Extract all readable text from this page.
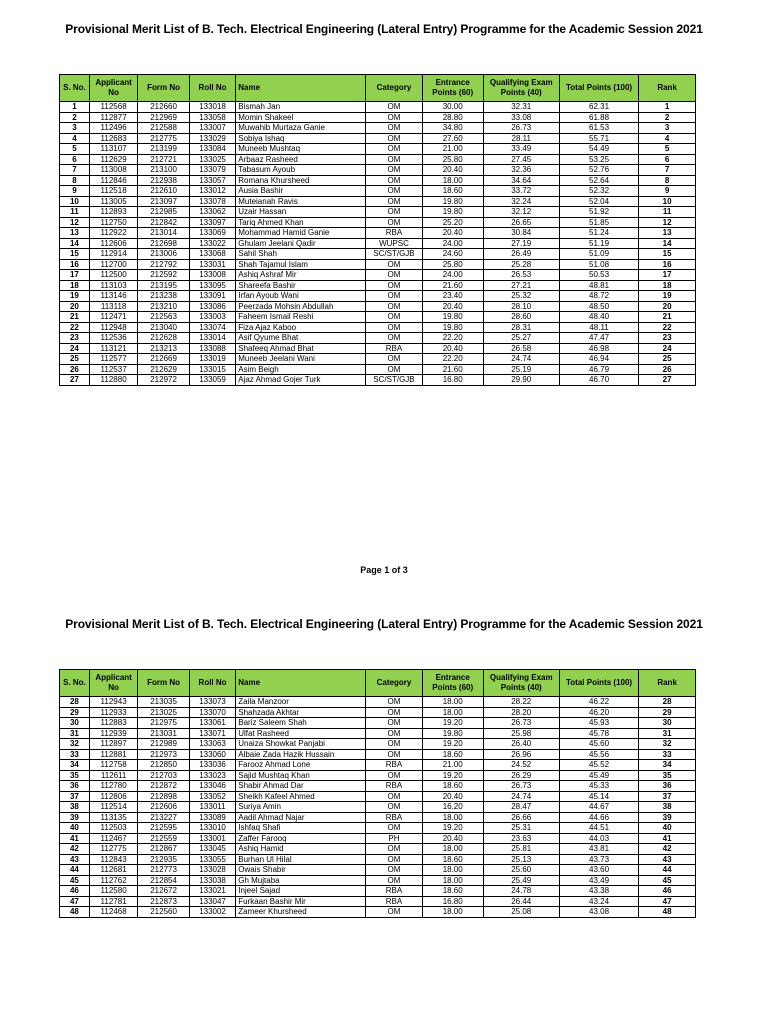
Provisional Merit List of B. Tech. Electrical Engineering (Lateral Entry) Programme for the Academic Session 2021
S. No.	Applicant No	Form No	Roll No	Name	Category	Entrance Points (60)	Qualifying Exam Points (40)	Total Points (100)	Rank
1	112568	212660	133018	Bismah Jan	OM	30.00	32.31	62.31	1
2	112877	212969	133058	Momin Shakeel	OM	28.80	33.08	61.88	2
3	112496	212588	133007	Muwahib Murtaza Ganie	OM	34.80	26.73	61.53	3
4	112683	212775	133029	Sobiya Ishaq	OM	27.60	28.11	55.71	4
5	113107	213199	133084	Muneeb Mushtaq	OM	21.00	33.49	54.49	5
6	112629	212721	133025	Arbaaz Rasheed	OM	25.80	27.45	53.25	6
7	113008	213100	133079	Tabasum Ayoub	OM	20.40	32.36	52.76	7
8	112846	212938	133057	Romana Khursheed	OM	18.00	34.64	52.64	8
9	112518	212610	133012	Ausia Bashir	OM	18.60	33.72	52.32	9
10	113005	213097	133078	Muteianah Ravis	OM	19.80	32.24	52.04	10
11	112893	212985	133062	Uzair Hassan	OM	19.80	32.12	51.92	11
12	112750	212842	133097	Tariq Ahmed Khan	OM	25.20	26.65	51.85	12
13	112922	213014	133069	Mohammad Hamid Ganie	RBA	20.40	30.84	51.24	13
14	112606	212698	133022	Ghulam Jeelani Qadir	WUPSC	24.00	27.19	51.19	14
15	112914	213006	133068	Sahil Shah	SC/ST/GJB	24.60	26.49	51.09	15
16	112700	212792	133031	Shah Tajamul Islam	OM	25.80	25.28	51.08	16
17	112500	212592	133008	Ashiq Ashraf Mir	OM	24.00	26.53	50.53	17
18	113103	213195	133095	Shareefa Bashir	OM	21.60	27.21	48.81	18
19	113146	213238	133091	Irfan Ayoub Wani	OM	23.40	25.32	48.72	19
20	113118	213210	133086	Peerzada Mohsin Abdullah	OM	20.40	28.10	48.50	20
21	112471	212563	133003	Faheem Ismail Reshi	OM	19.80	28.60	48.40	21
22	112948	213040	133074	Fiza Ajaz Kaboo	OM	19.80	28.31	48.11	22
23	112536	212628	133014	Asif Qyume Bhat	OM	22.20	25.27	47.47	23
24	113121	213213	133088	Shafeeq Ahmad Bhat	RBA	20.40	26.58	46.98	24
25	112577	212669	133019	Muneeb Jeelani Wani	OM	22.20	24.74	46.94	25
26	112537	212629	133015	Asim Beigh	OM	21.60	25.19	46.79	26
27	112880	212972	133059	Ajaz Ahmad Gojer Turk	SC/ST/GJB	16.80	29.90	46.70	27
Page 1 of 3
Provisional Merit List of B. Tech. Electrical Engineering (Lateral Entry) Programme for the Academic Session 2021
S. No.	Applicant No	Form No	Roll No	Name	Category	Entrance Points (60)	Qualifying Exam Points (40)	Total Points (100)	Rank
28	112943	213035	133073	Zaila Manzoor	OM	18.00	28.22	46.22	28
29	112933	213025	133070	Shahzada Akhtar	OM	18.00	28.20	46.20	29
30	112883	212975	133061	Bariz Saleem Shah	OM	19.20	26.73	45.93	30
31	112939	213031	133071	Ulfat Rasheed	OM	19.80	25.98	45.78	31
32	112897	212989	133063	Unaiza Showkat Panjabi	OM	19.20	26.40	45.60	32
33	112881	212973	133060	Albaie Zada Hazik Hussain	OM	18.60	26.96	45.56	33
34	112758	212850	133036	Farooz Ahmad Lone	RBA	21.00	24.52	45.52	34
35	112611	212703	133023	Sajid Mushtaq Khan	OM	19.20	26.29	45.49	35
36	112780	212872	133046	Shabir Ahmad Dar	RBA	18.60	26.73	45.33	36
37	112806	212898	133052	Sheikh Kafeel Ahmed	OM	20.40	24.74	45.14	37
38	112514	212606	133011	Suriya Amin	OM	16.20	28.47	44.67	38
39	113135	213227	133089	Aadil Ahmad Najar	RBA	18.00	26.66	44.66	39
40	112503	212595	133010	Ishfaq Shafi	OM	19.20	25.31	44.51	40
41	112467	212559	133001	Zaffer Farooq	PH	20.40	23.63	44.03	41
42	112775	212867	133045	Ashiq Hamid	OM	18.00	25.81	43.81	42
43	112843	212935	133055	Burhan Ul Hilal	OM	18.60	25.13	43.73	43
44	112681	212773	133028	Owais Shabir	OM	18.00	25.60	43.60	44
45	112762	212854	133038	Gh Mujtaba	OM	18.00	25.49	43.49	45
46	112580	212672	133021	Injeel Sajad	RBA	18.60	24.78	43.38	46
47	112781	212873	133047	Furkaan Bashir Mir	RBA	16.80	26.44	43.24	47
48	112468	212560	133002	Zameer Khursheed	OM	18.00	25.08	43.08	48
